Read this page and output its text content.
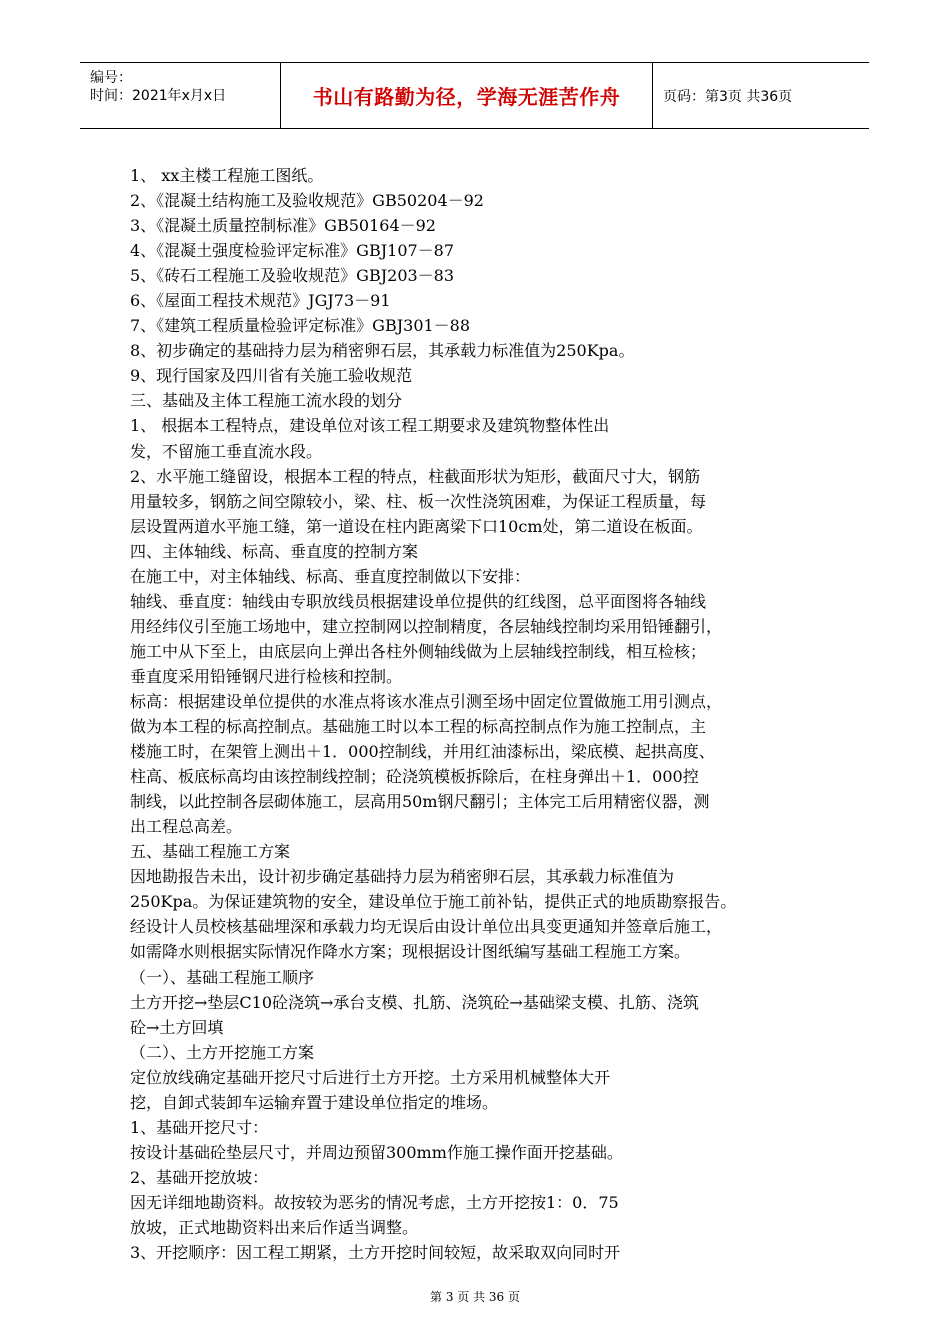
编号：
时间：2021年x月x日	书山有路勤为径，学海无涯苦作舟	页码：第3页 共36页
1、 xx主楼工程施工图纸。
2、《混凝土结构施工及验收规范》GB50204－92
3、《混凝土质量控制标准》GB50164－92
4、《混凝土强度检验评定标准》GBJ107－87
5、《砖石工程施工及验收规范》GBJ203－83
6、《屋面工程技术规范》JGJ73－91
7、《建筑工程质量检验评定标准》GBJ301－88
8、初步确定的基础持力层为稍密卵石层，其承载力标准值为250Kpa。
9、现行国家及四川省有关施工验收规范
三、基础及主体工程施工流水段的划分
1、 根据本工程特点，建设单位对该工程工期要求及建筑物整体性出
发，不留施工垂直流水段。
2、水平施工缝留设，根据本工程的特点，柱截面形状为矩形，截面尺寸大，钢筋
用量较多，钢筋之间空隙较小，梁、柱、板一次性浇筑困难，为保证工程质量，每
层设置两道水平施工缝，第一道设在柱内距离梁下口10cm处，第二道设在板面。
四、主体轴线、标高、垂直度的控制方案
在施工中，对主体轴线、标高、垂直度控制做以下安排：
轴线、垂直度：轴线由专职放线员根据建设单位提供的红线图，总平面图将各轴线
用经纬仪引至施工场地中，建立控制网以控制精度，各层轴线控制均采用铅锤翻引，
施工中从下至上，由底层向上弹出各柱外侧轴线做为上层轴线控制线，相互检核；
垂直度采用铅锤钢尺进行检核和控制。
标高：根据建设单位提供的水准点将该水准点引测至场中固定位置做施工用引测点，
做为本工程的标高控制点。基础施工时以本工程的标高控制点作为施工控制点，主
楼施工时，在架管上测出＋1．000控制线，并用红油漆标出，梁底模、起拱高度、
柱高、板底标高均由该控制线控制；砼浇筑模板拆除后，在柱身弹出＋1．000控
制线，以此控制各层砌体施工，层高用50m钢尺翻引；主体完工后用精密仪器，测
出工程总高差。
五、基础工程施工方案
因地勘报告未出，设计初步确定基础持力层为稍密卵石层，其承载力标准值为
250Kpa。为保证建筑物的安全，建设单位于施工前补钻，提供正式的地质勘察报告。
经设计人员校核基础埋深和承载力均无误后由设计单位出具变更通知并签章后施工，
如需降水则根据实际情况作降水方案；现根据设计图纸编写基础工程施工方案。
（一）、基础工程施工顺序
土方开挖→垫层C10砼浇筑→承台支模、扎筋、浇筑砼→基础梁支模、扎筋、浇筑
砼→土方回填
（二）、土方开挖施工方案
定位放线确定基础开挖尺寸后进行土方开挖。土方采用机械整体大开
挖，自卸式装卸车运输弃置于建设单位指定的堆场。
1、基础开挖尺寸：
按设计基础砼垫层尺寸，并周边预留300mm作施工操作面开挖基础。
2、基础开挖放坡：
因无详细地勘资料。故按较为恶劣的情况考虑，土方开挖按1：0．75
放坡，正式地勘资料出来后作适当调整。
3、开挖顺序：因工程工期紧，土方开挖时间较短，故采取双向同时开
第 3 页 共 36 页
